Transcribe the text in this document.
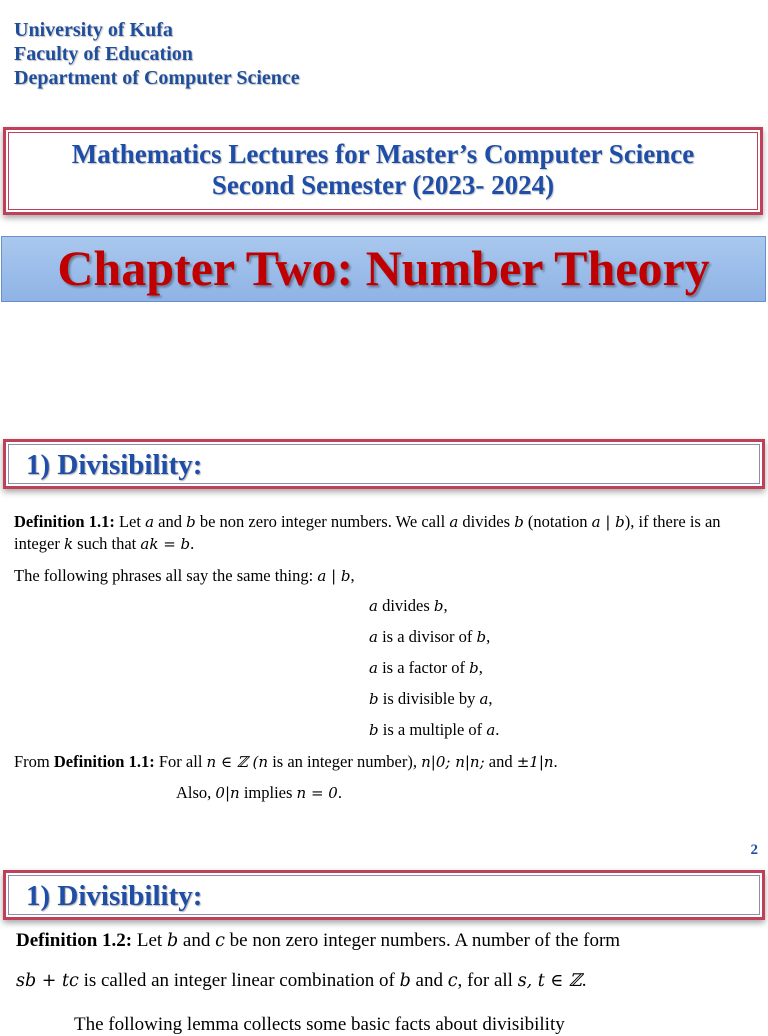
University of Kufa
Faculty of Education
Department of Computer Science
Mathematics Lectures for Master’s Computer Science
Second Semester (2023- 2024)
Chapter Two: Number Theory
1) Divisibility:
Definition 1.1: Let a and b be non zero integer numbers. We call a divides b (notation a | b), if there is an integer k such that ak = b.
The following phrases all say the same thing: a | b,
a divides b,
a is a divisor of b,
a is a factor of b,
b is divisible by a,
b is a multiple of a.
From Definition 1.1: For all n ∈ ℤ (n is an integer number), n|0; n|n; and ±1|n.
Also, 0|n implies n = 0.
2
1) Divisibility:
Definition 1.2: Let b and c be non zero integer numbers. A number of the form
sb + tc is called an integer linear combination of b and c, for all s, t ∈ ℤ.
The following lemma collects some basic facts about divisibility
